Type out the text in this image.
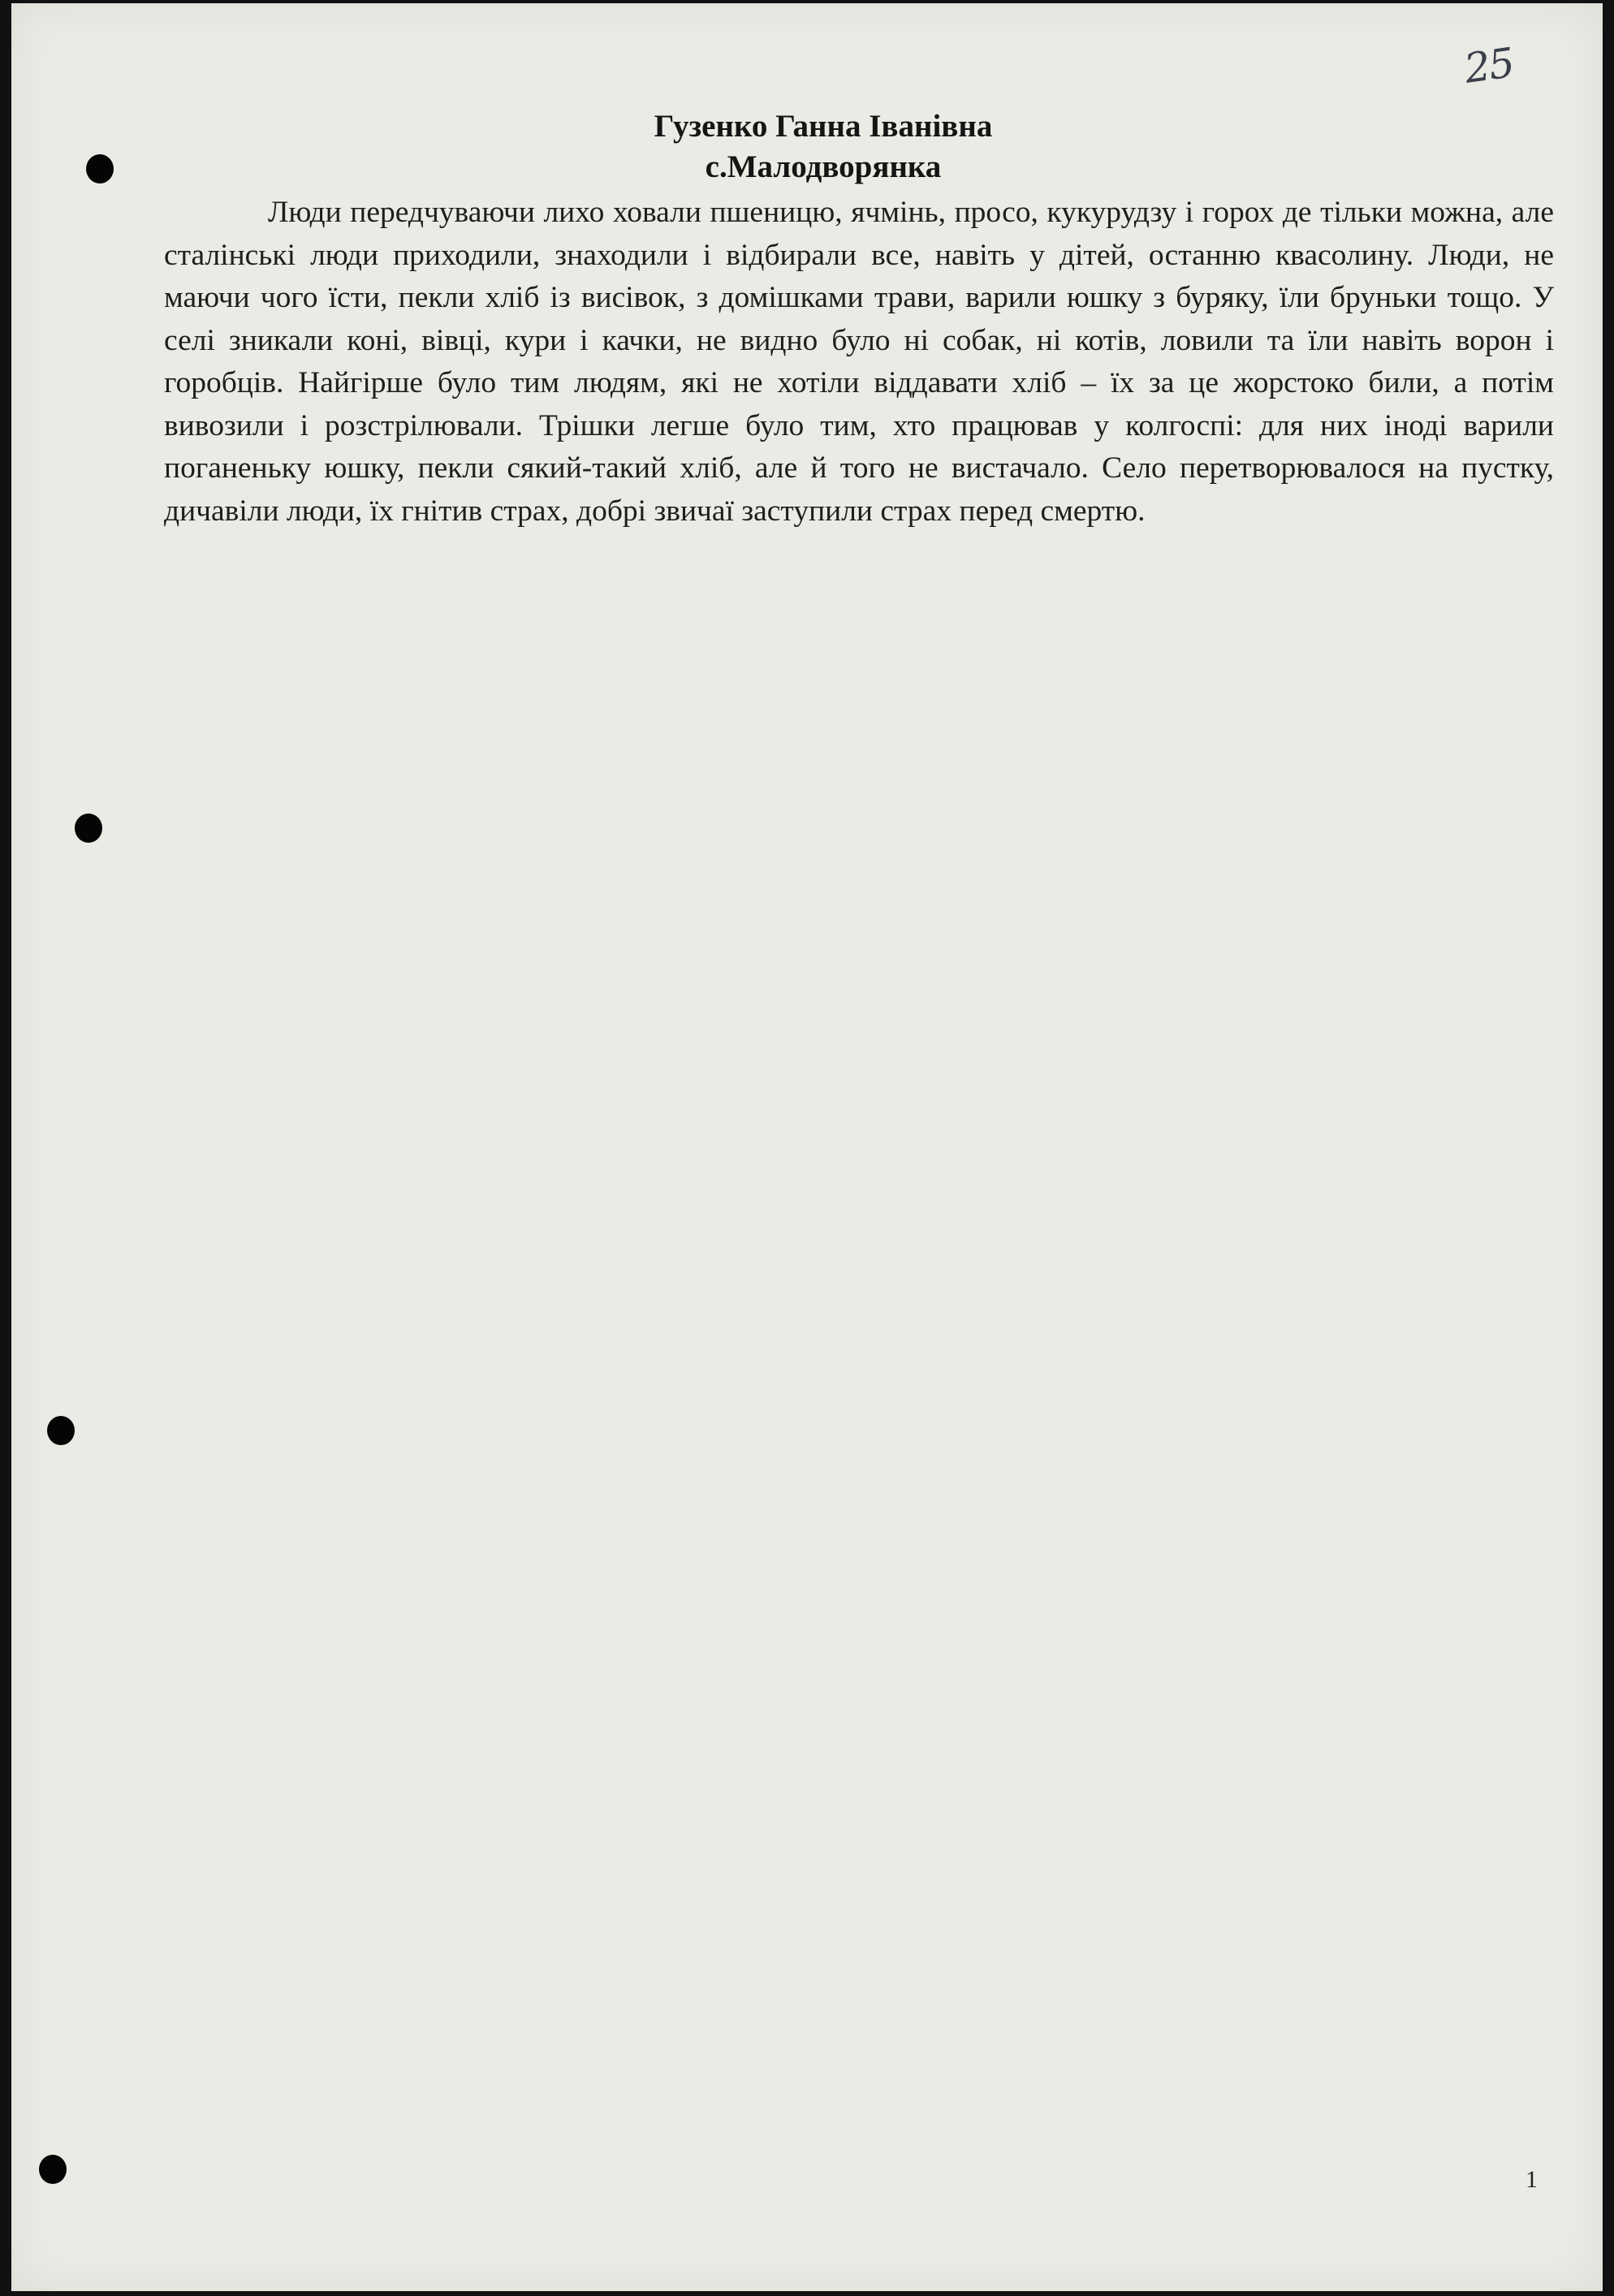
25
Гузенко Ганна Іванівна
с.Малодворянка

Люди передчуваючи лихо ховали пшеницю, ячмінь, просо, кукурудзу і горох де тільки можна, але сталінські люди приходили, знаходили і відбирали все, навіть у дітей, останню квасолину. Люди, не маючи чого їсти, пекли хліб із висівок, з домішками трави, варили юшку з буряку, їли бруньки тощо. У селі зникали коні, вівці, кури і качки, не видно було ні собак, ні котів, ловили та їли навіть ворон і горобців. Найгірше було тим людям, які не хотіли віддавати хліб – їх за це жорстоко били, а потім вивозили і розстрілювали. Трішки легше було тим, хто працював у колгоспі: для них іноді варили поганеньку юшку, пекли сякий-такий хліб, але й того не вистачало. Село перетворювалося на пустку, дичавіли люди, їх гнітив страх, добрі звичаї заступили страх перед смертю.

1
